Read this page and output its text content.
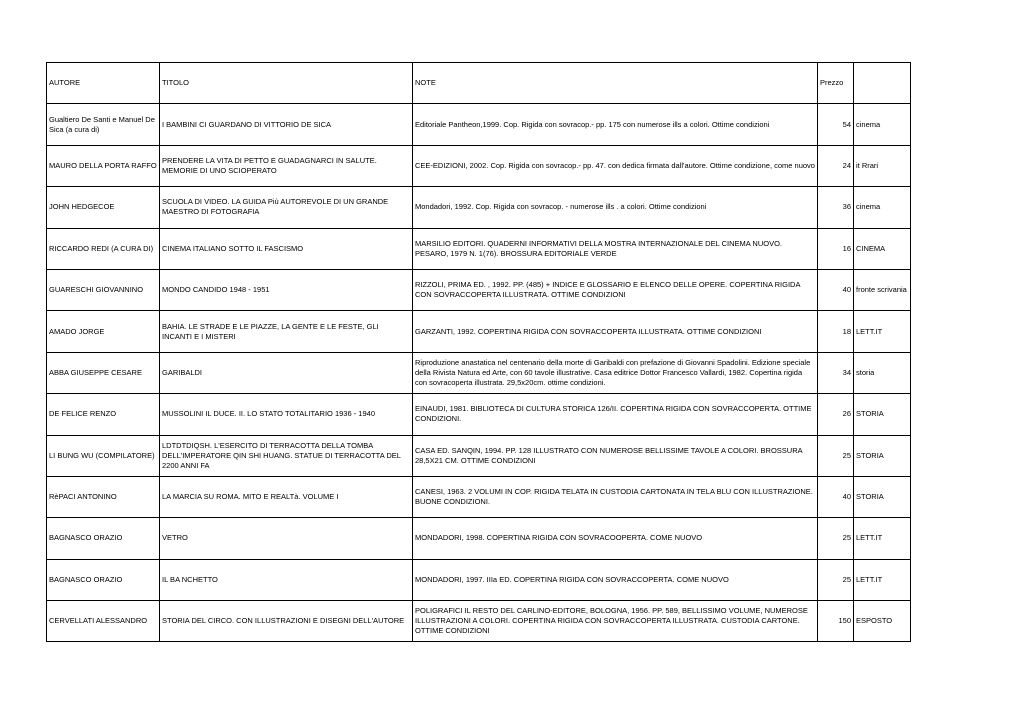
AUTORE	TITOLO	NOTE	Prezzo	
Gualtiero De Santi e Manuel De Sica (a cura di)	I BAMBINI CI GUARDANO DI VITTORIO DE SICA	Editoriale Pantheon,1999. Cop. Rigida con sovracop.- pp. 175 con numerose ills a colori. Ottime condizioni	54	cinema
MAURO DELLA PORTA RAFFO	PRENDERE LA VITA DI PETTO E GUADAGNARCI IN SALUTE. MEMORIE DI UNO SCIOPERATO	CEE-EDIZIONI, 2002. Cop. Rigida con sovracop.- pp. 47. con dedica firmata dall'autore. Ottime condizione, come nuovo	24	it Rrari
JOHN HEDGECOE	SCUOLA DI VIDEO. LA GUIDA Più AUTOREVOLE DI UN GRANDE MAESTRO DI FOTOGRAFIA	Mondadori, 1992. Cop. Rigida con sovracop. - numerose ills . a colori. Ottime condizioni	36	cinema
RICCARDO REDI (A CURA DI)	CINEMA ITALIANO SOTTO IL FASCISMO	MARSILIO EDITORI. QUADERNI INFORMATIVI DELLA MOSTRA INTERNAZIONALE DEL CINEMA NUOVO. PESARO, 1979 N. 1(76). BROSSURA EDITORIALE VERDE	16	CINEMA
GUARESCHI GIOVANNINO	MONDO CANDIDO 1948 - 1951	RIZZOLI, PRIMA ED. , 1992. PP. (485) + INDICE E GLOSSARIO E ELENCO DELLE OPERE. COPERTINA RIGIDA CON SOVRACCOPERTA ILLUSTRATA. OTTIME CONDIZIONI	40	fronte scrivania
AMADO JORGE	BAHIA. LE STRADE E LE PIAZZE, LA GENTE E LE FESTE, GLI INCANTI E I MISTERI	GARZANTI, 1992. COPERTINA RIGIDA CON SOVRACCOPERTA ILLUSTRATA. OTTIME CONDIZIONI	18	LETT.IT
ABBA GIUSEPPE CESARE	GARIBALDI	Riproduzione anastatica nel centenario della morte di Garibaldi con prefazione di Giovanni Spadolini. Edizione speciale della Rivista Natura ed Arte, con 60 tavole illustrative. Casa editrice Dottor Francesco Vallardi, 1982. Copertina rigida con sovracoperta illustrata. 29,5x20cm. ottime condizioni.	34	storia
DE FELICE RENZO	MUSSOLINI IL DUCE. II. LO STATO TOTALITARIO 1936 - 1940	EINAUDI, 1981. BIBLIOTECA DI CULTURA STORICA 126/II. COPERTINA RIGIDA CON SOVRACCOPERTA. OTTIME CONDIZIONI.	26	STORIA
LI BUNG WU (COMPILATORE)	LDTDTDIQSH. L'ESERCITO DI TERRACOTTA DELLA TOMBA DELL'IMPERATORE QIN SHI HUANG. STATUE DI TERRACOTTA DEL 2200 ANNI FA	CASA ED. SANQIN, 1994. PP. 128 ILLUSTRATO CON NUMEROSE BELLISSIME TAVOLE A COLORI. BROSSURA 28,5X21 CM. OTTIME CONDIZIONI	25	STORIA
RèPACI ANTONINO	LA MARCIA SU ROMA. MITO E REALTà. VOLUME I	CANESI, 1963. 2 VOLUMI IN COP. RIGIDA TELATA IN CUSTODIA CARTONATA IN TELA BLU CON ILLUSTRAZIONE. BUONE CONDIZIONI.	40	STORIA
BAGNASCO ORAZIO	VETRO	MONDADORI, 1998. COPERTINA RIGIDA CON SOVRACOOPERTA. COME NUOVO	25	LETT.IT
BAGNASCO ORAZIO	IL BA NCHETTO	MONDADORI, 1997. IIIa ED. COPERTINA RIGIDA CON SOVRACCOPERTA. COME NUOVO	25	LETT.IT
CERVELLATI ALESSANDRO	STORIA DEL CIRCO. CON ILLUSTRAZIONI E DISEGNI DELL'AUTORE	POLIGRAFICI IL RESTO DEL CARLINO-EDITORE, BOLOGNA, 1956. PP. 589, BELLISSIMO VOLUME, NUMEROSE ILLUSTRAZIONI A COLORI. COPERTINA RIGIDA CON SOVRACCOPERTA ILLUSTRATA. CUSTODIA CARTONE. OTTIME CONDIZIONI	150	ESPOSTO
